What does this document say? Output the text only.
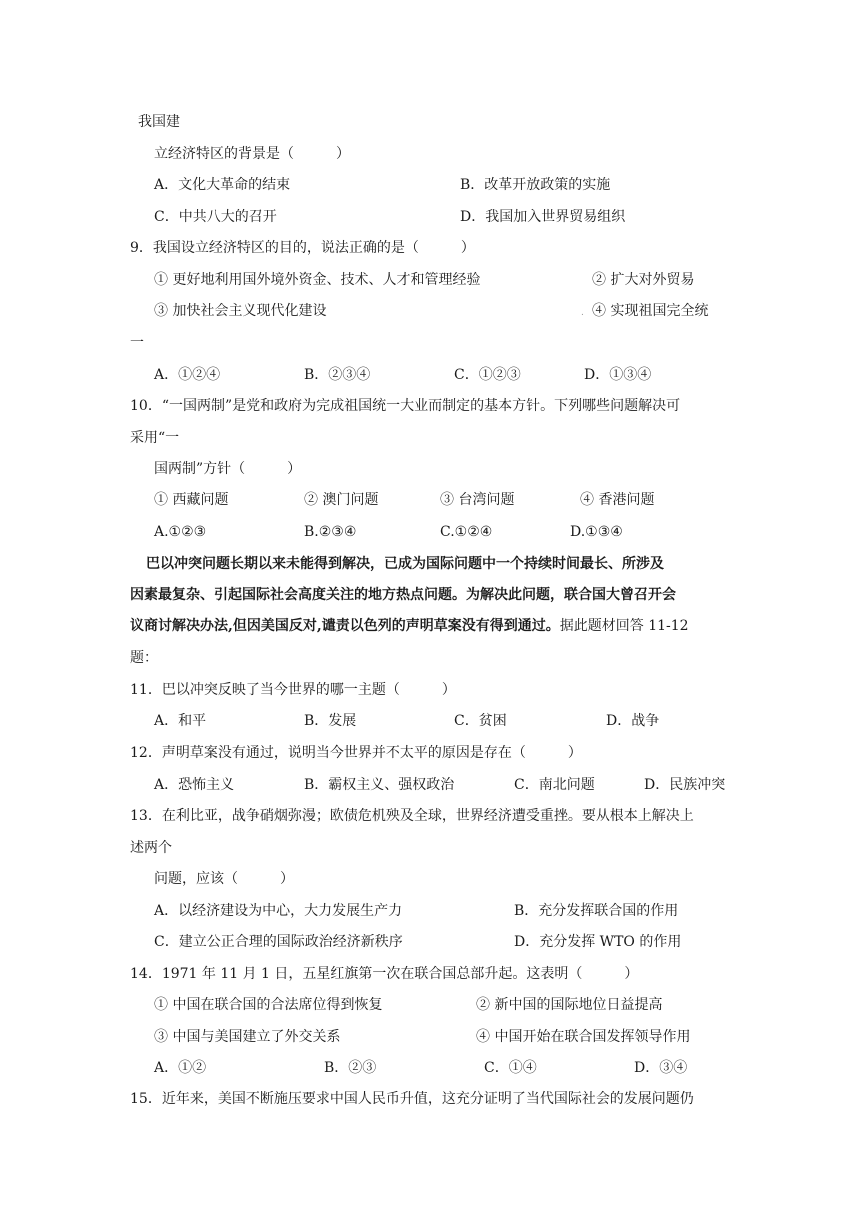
我国建
立经济特区的背景是（　　　）
A．文化大革命的结束	B．改革开放政策的实施
C．中共八大的召开	D．我国加入世界贸易组织
9．我国设立经济特区的目的，说法正确的是（　　　）
① 更好地利用国外境外资金、技术、人才和管理经验	② 扩大对外贸易
③ 加快社会主义现代化建设	④ 实现祖国完全统
一
A．①②④	B．②③④	C．①②③	D．①③④
10．“一国两制”是党和政府为完成祖国统一大业而制定的基本方针。下列哪些问题解决可
采用“一
国两制”方针（　　　）
① 西藏问题	② 澳门问题	③ 台湾问题	④ 香港问题
A.①②③	B.②③④	C.①②④	D.①③④
巴以冲突问题长期以来未能得到解决，已成为国际问题中一个持续时间最长、所涉及
因素最复杂、引起国际社会高度关注的地方热点问题。为解决此问题，联合国大曾召开会
议商讨解决办法,但因美国反对,谴责以色列的声明草案没有得到通过。据此题材回答 11-12
题：
11．巴以冲突反映了当今世界的哪一主题（　　　）
A．和平	B．发展	C．贫困	D．战争
12．声明草案没有通过，说明当今世界并不太平的原因是存在（　　　）
A．恐怖主义	B．霸权主义、强权政治	C．南北问题	D．民族冲突
13．在利比亚，战争硝烟弥漫；欧债危机殃及全球，世界经济遭受重挫。要从根本上解决上
述两个
问题，应该（　　　）
A．以经济建设为中心，大力发展生产力	B．充分发挥联合国的作用
C．建立公正合理的国际政治经济新秩序	D．充分发挥 WTO 的作用
14．1971 年 11 月 1 日，五星红旗第一次在联合国总部升起。这表明（　　　）
① 中国在联合国的合法席位得到恢复	② 新中国的国际地位日益提高
③ 中国与美国建立了外交关系	④ 中国开始在联合国发挥领导作用
A．①②	B．②③	C．①④	D．③④
15．近年来，美国不断施压要求中国人民币升值，这充分证明了当代国际社会的发展问题仍
.
